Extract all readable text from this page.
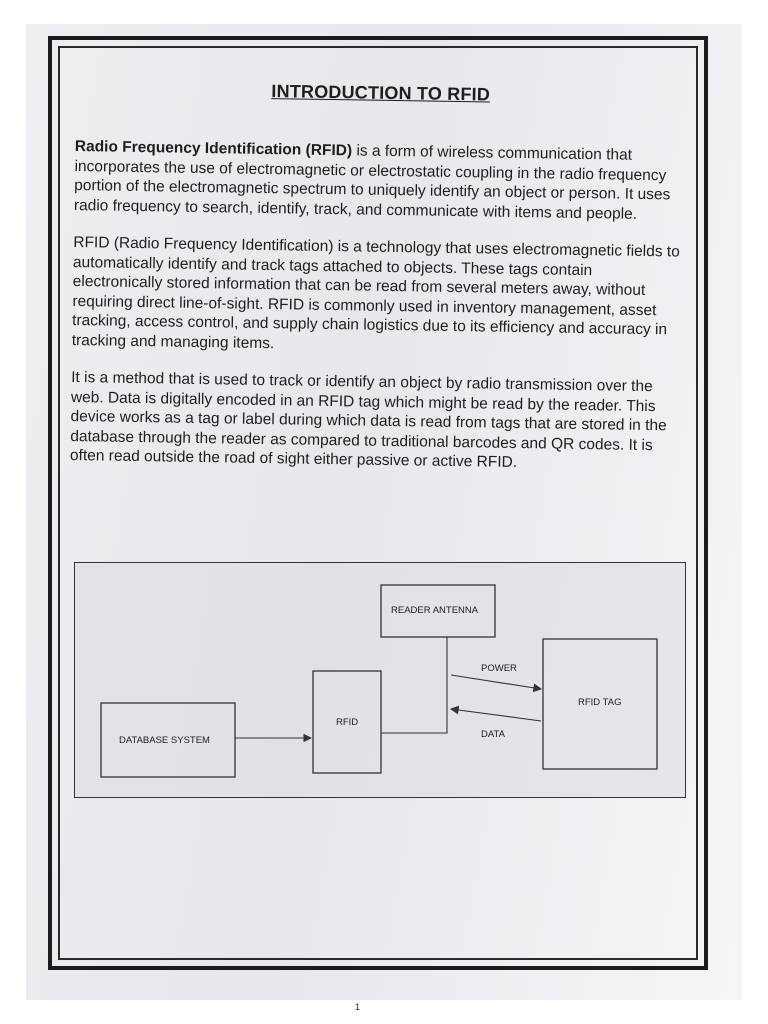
INTRODUCTION TO RFID

Radio Frequency Identification (RFID) is a form of wireless communication that incorporates the use of electromagnetic or electrostatic coupling in the radio frequency portion of the electromagnetic spectrum to uniquely identify an object or person. It uses radio frequency to search, identify, track, and communicate with items and people.

RFID (Radio Frequency Identification) is a technology that uses electromagnetic fields to automatically identify and track tags attached to objects. These tags contain electronically stored information that can be read from several meters away, without requiring direct line-of-sight. RFID is commonly used in inventory management, asset tracking, access control, and supply chain logistics due to its efficiency and accuracy in tracking and managing items.

It is a method that is used to track or identify an object by radio transmission over the web. Data is digitally encoded in an RFID tag which might be read by the reader. This device works as a tag or label during which data is read from tags that are stored in the database through the reader as compared to traditional barcodes and QR codes. It is often read outside the road of sight either passive or active RFID.

DATABASE SYSTEM
RFID
READER ANTENNA
RFID TAG
POWER
DATA
1
